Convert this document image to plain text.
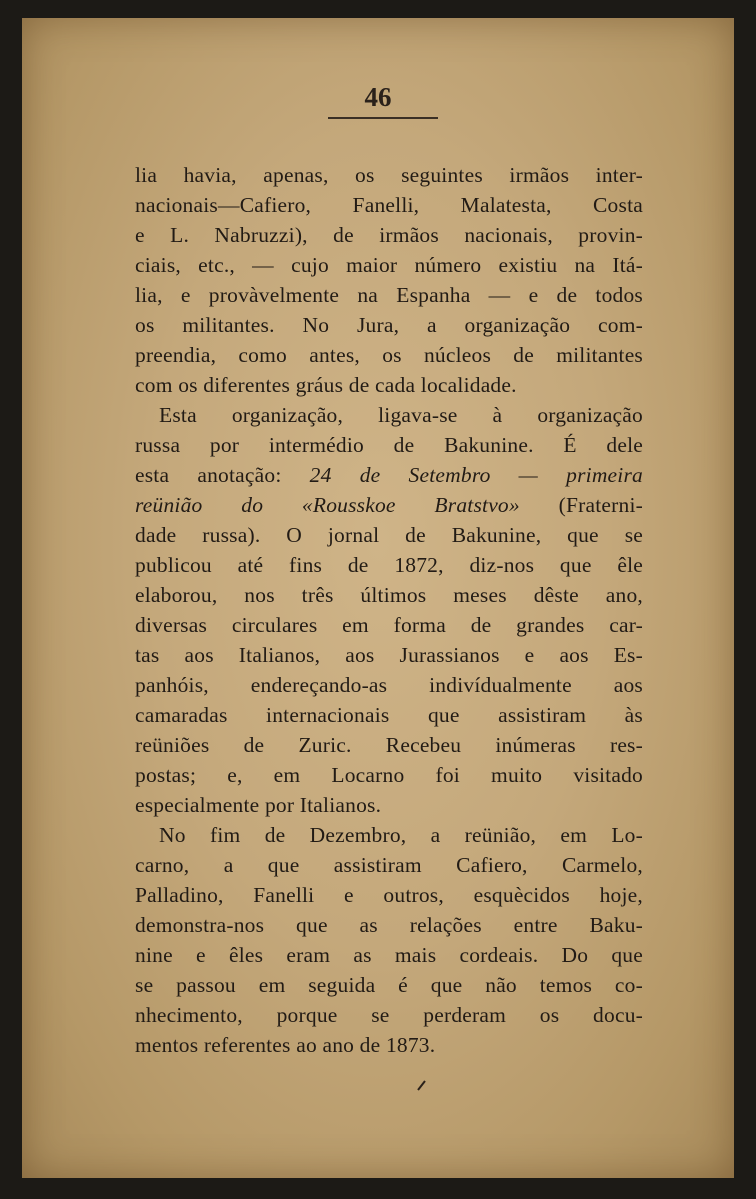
46
lia havia, apenas, os seguintes irmãos inter-
nacionais—Cafiero, Fanelli, Malatesta, Costa
e L. Nabruzzi), de irmãos nacionais, provin-
ciais, etc., — cujo maior número existiu na Itá-
lia, e provàvelmente na Espanha — e de todos
os militantes. No Jura, a organização com-
preendia, como antes, os núcleos de militantes
com os diferentes gráus de cada localidade.
Esta organização, ligava-se à organização
russa por intermédio de Bakunine. É dele
esta anotação: 24 de Setembro — primeira
reünião do «Rousskoe Bratstvo» (Fraterni-
dade russa). O jornal de Bakunine, que se
publicou até fins de 1872, diz-nos que êle
elaborou, nos três últimos meses dêste ano,
diversas circulares em forma de grandes car-
tas aos Italianos, aos Jurassianos e aos Es-
panhóis, endereçando-as indivídualmente aos
camaradas internacionais que assistiram às
reüniões de Zuric. Recebeu inúmeras res-
postas; e, em Locarno foi muito visitado
especialmente por Italianos.
No fim de Dezembro, a reünião, em Lo-
carno, a que assistiram Cafiero, Carmelo,
Palladino, Fanelli e outros, esquècidos hoje,
demonstra-nos que as relações entre Baku-
nine e êles eram as mais cordeais. Do que
se passou em seguida é que não temos co-
nhecimento, porque se perderam os docu-
mentos referentes ao ano de 1873.
